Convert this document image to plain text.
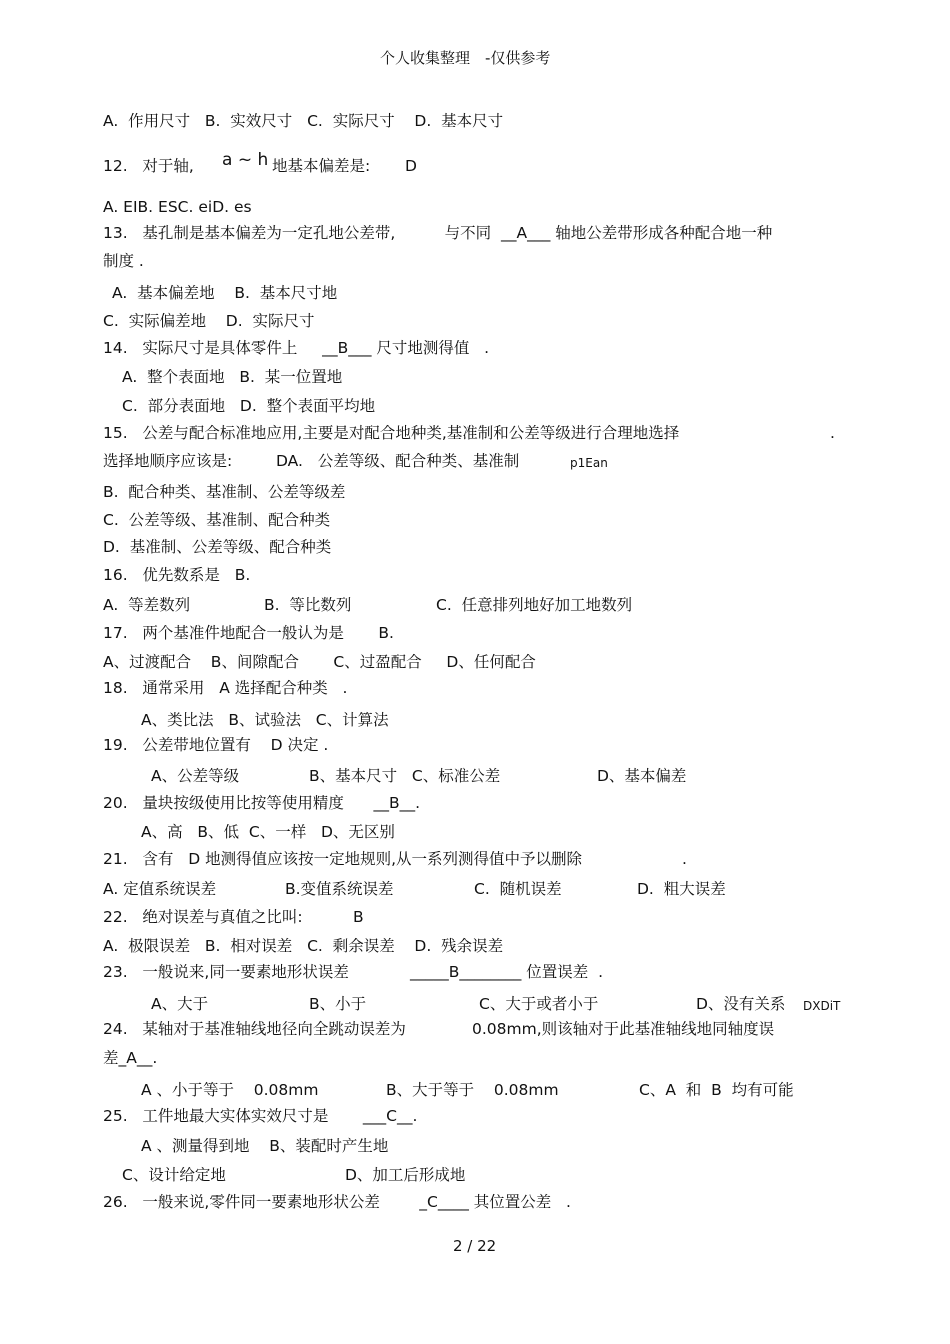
个人收集整理　-仅供参考
A.  作用尺寸   B.  实效尺寸   C.  实际尺寸    D.  基本尺寸
12.   对于轴, a ~ h 地基本偏差是: D
A. EIB. ESC. eiD. es
13.   基孔制是基本偏差为一定孔地公差带,          与不同  __A___ 轴地公差带形成各种配合地一种
制度 .
A.  基本偏差地    B.  基本尺寸地
C.  实际偏差地    D.  实际尺寸
14.   实际尺寸是具体零件上     __B___ 尺寸地测得值   .
A.  整个表面地   B.  某一位置地
C.  部分表面地   D.  整个表面平均地
15.   公差与配合标准地应用,主要是对配合地种类,基准制和公差等级进行合理地选择	.
选择地顺序应该是:	DA.   公差等级、配合种类、基准制	p1Ean
B.  配合种类、基准制、公差等级差
C.  公差等级、基准制、配合种类
D.  基准制、公差等级、配合种类
16.   优先数系是   B.
A.  等差数列	B.  等比数列	C.  任意排列地好加工地数列
17.   两个基准件地配合一般认为是       B.
A、过渡配合    B、间隙配合       C、过盈配合     D、任何配合
18.   通常采用   A 选择配合种类   .
A、类比法   B、试验法   C、计算法
19.   公差带地位置有    D 决定 .
A、公差等级	B、基本尺寸   C、标准公差	D、基本偏差
20.   量块按级使用比按等使用精度      __B__.
A、高   B、低  C、一样   D、无区别
21.   含有   D 地测得值应该按一定地规则,从一系列测得值中予以删除	.
A. 定值系统误差	B.变值系统误差	C.  随机误差	D.  粗大误差
22.   绝对误差与真值之比叫:	B
A.  极限误差   B.  相对误差   C.  剩余误差    D.  残余误差
23.   一般说来,同一要素地形状误差	_____B________ 位置误差  .
A、大于	B、小于	C、大于或者小于	D、没有关系 DXDiT
24.   某轴对于基准轴线地径向全跳动误差为	0.08mm,则该轴对于此基准轴线地同轴度误
差_A__.
A 、小于等于    0.08mm	B、大于等于    0.08mm	C、A  和  B  均有可能
25.   工件地最大实体实效尺寸是       ___C__.
A 、测量得到地    B、装配时产生地
C、设计给定地	D、加工后形成地
26.   一般来说,零件同一要素地形状公差        _C____ 其位置公差   .
2 / 22
